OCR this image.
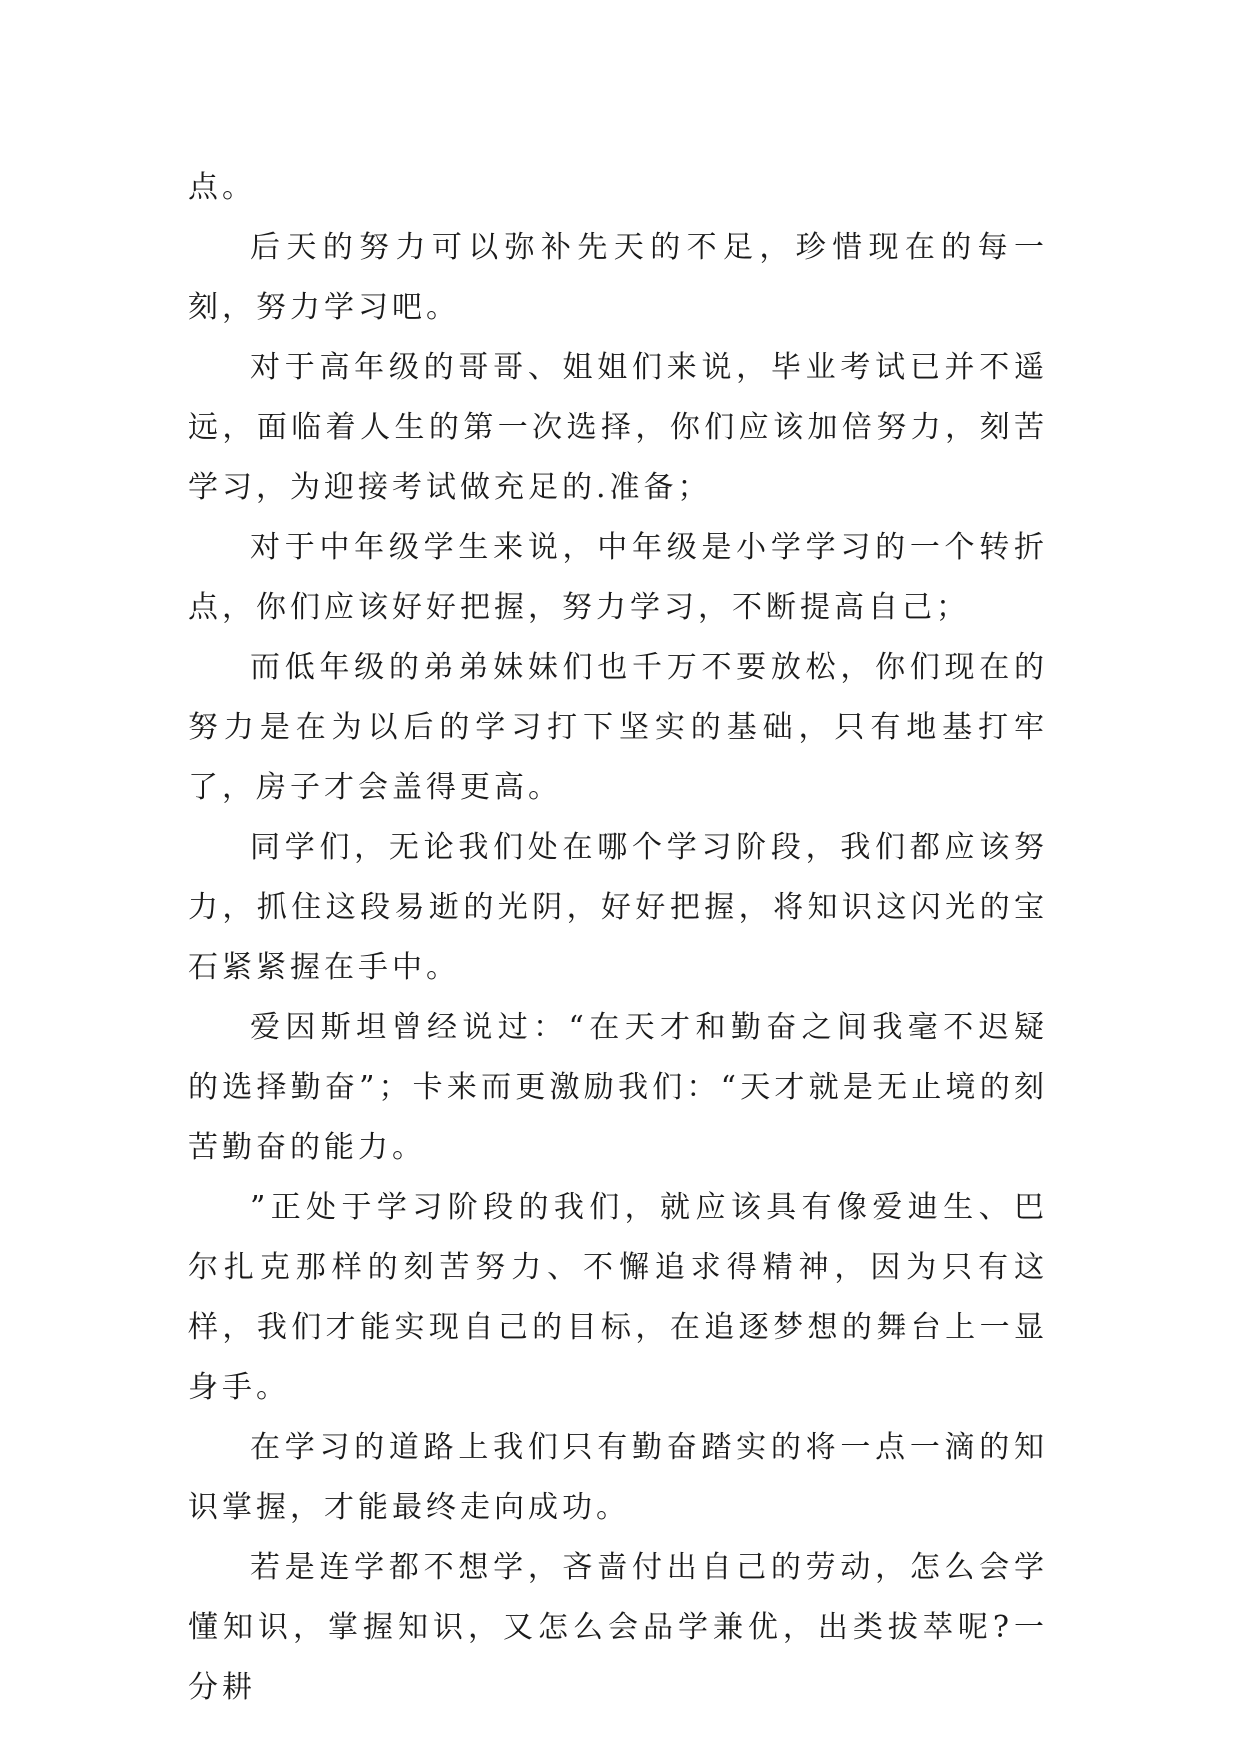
点。

后天的努力可以弥补先天的不足，珍惜现在的每一刻，努力学习吧。

对于高年级的哥哥、姐姐们来说，毕业考试已并不遥远，面临着人生的第一次选择，你们应该加倍努力，刻苦学习，为迎接考试做充足的.准备；

对于中年级学生来说，中年级是小学学习的一个转折点，你们应该好好把握，努力学习，不断提高自己；

而低年级的弟弟妹妹们也千万不要放松，你们现在的努力是在为以后的学习打下坚实的基础，只有地基打牢了，房子才会盖得更高。

同学们，无论我们处在哪个学习阶段，我们都应该努力，抓住这段易逝的光阴，好好把握，将知识这闪光的宝石紧紧握在手中。

爱因斯坦曾经说过：“在天才和勤奋之间我毫不迟疑的选择勤奋”；卡来而更激励我们：“天才就是无止境的刻苦勤奋的能力。

”正处于学习阶段的我们，就应该具有像爱迪生、巴尔扎克那样的刻苦努力、不懈追求得精神，因为只有这样，我们才能实现自己的目标，在追逐梦想的舞台上一显身手。

在学习的道路上我们只有勤奋踏实的将一点一滴的知识掌握，才能最终走向成功。

若是连学都不想学，吝啬付出自己的劳动，怎么会学懂知识，掌握知识，又怎么会品学兼优，出类拔萃呢?一分耕
